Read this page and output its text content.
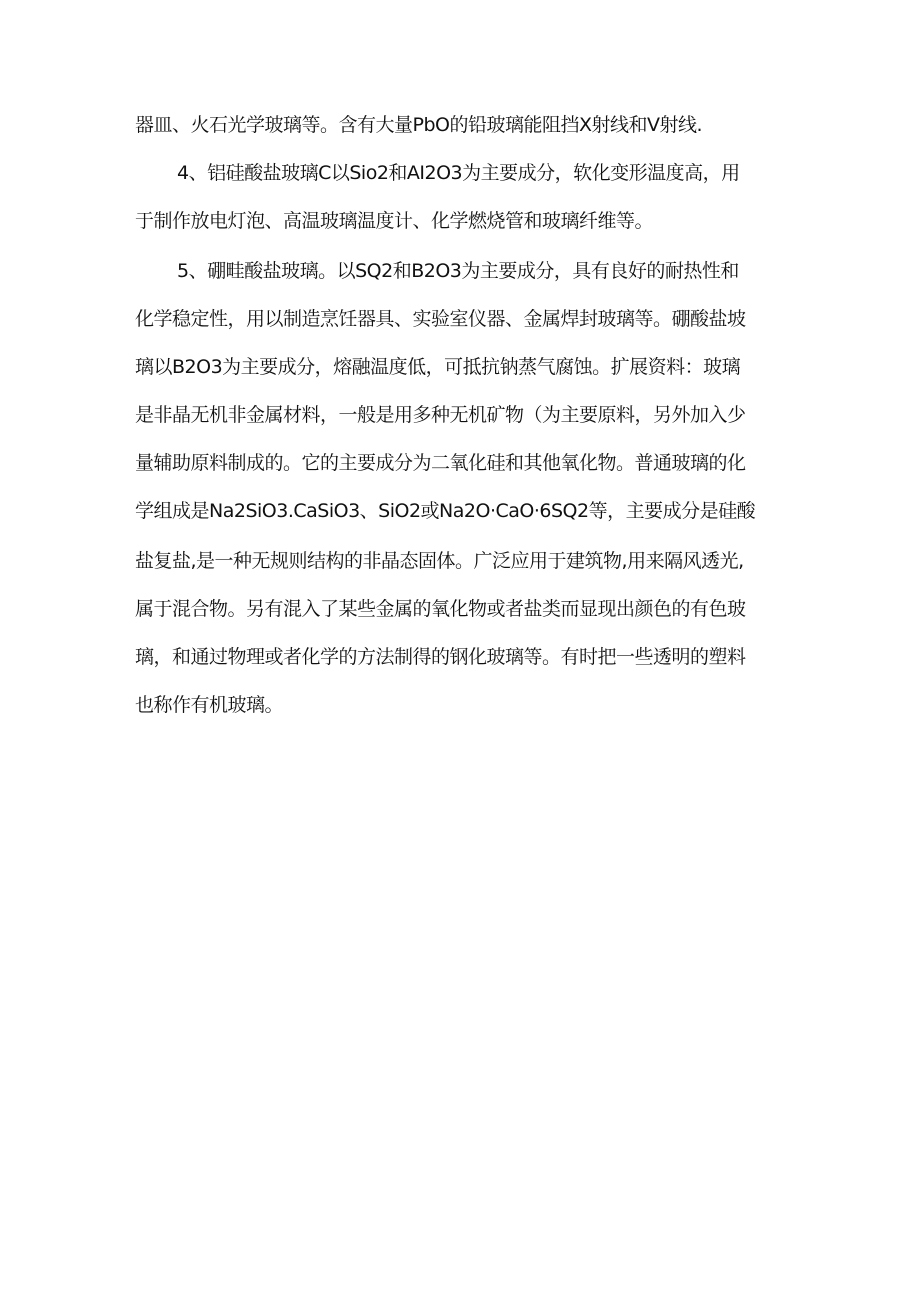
器皿、火石光学玻璃等。含有大量PbO的铅玻璃能阻挡X射线和V射线.
4、铝硅酸盐玻璃C以Sio2和AI2O3为主要成分，软化变形温度高，用
于制作放电灯泡、高温玻璃温度计、化学燃烧管和玻璃纤维等。
5、硼畦酸盐玻璃。以SQ2和B2O3为主要成分，具有良好的耐热性和
化学稳定性，用以制造烹饪器具、实验室仪器、金属焊封玻璃等。硼酸盐坡
璃以B2O3为主要成分，熔融温度低，可抵抗钠蒸气腐蚀。扩展资料：玻璃
是非晶无机非金属材料，一般是用多种无机矿物（为主要原料，另外加入少
量辅助原料制成的。它的主要成分为二氧化硅和其他氧化物。普通玻璃的化
学组成是Na2SiO3.CaSiO3、SiO2或Na2O·CaO·6SQ2等，主要成分是硅酸
盐复盐,是一种无规则结构的非晶态固体。广泛应用于建筑物,用来隔风透光,
属于混合物。另有混入了某些金属的氧化物或者盐类而显现出颜色的有色玻
璃，和通过物理或者化学的方法制得的钢化玻璃等。有时把一些透明的塑料
也称作有机玻璃。
